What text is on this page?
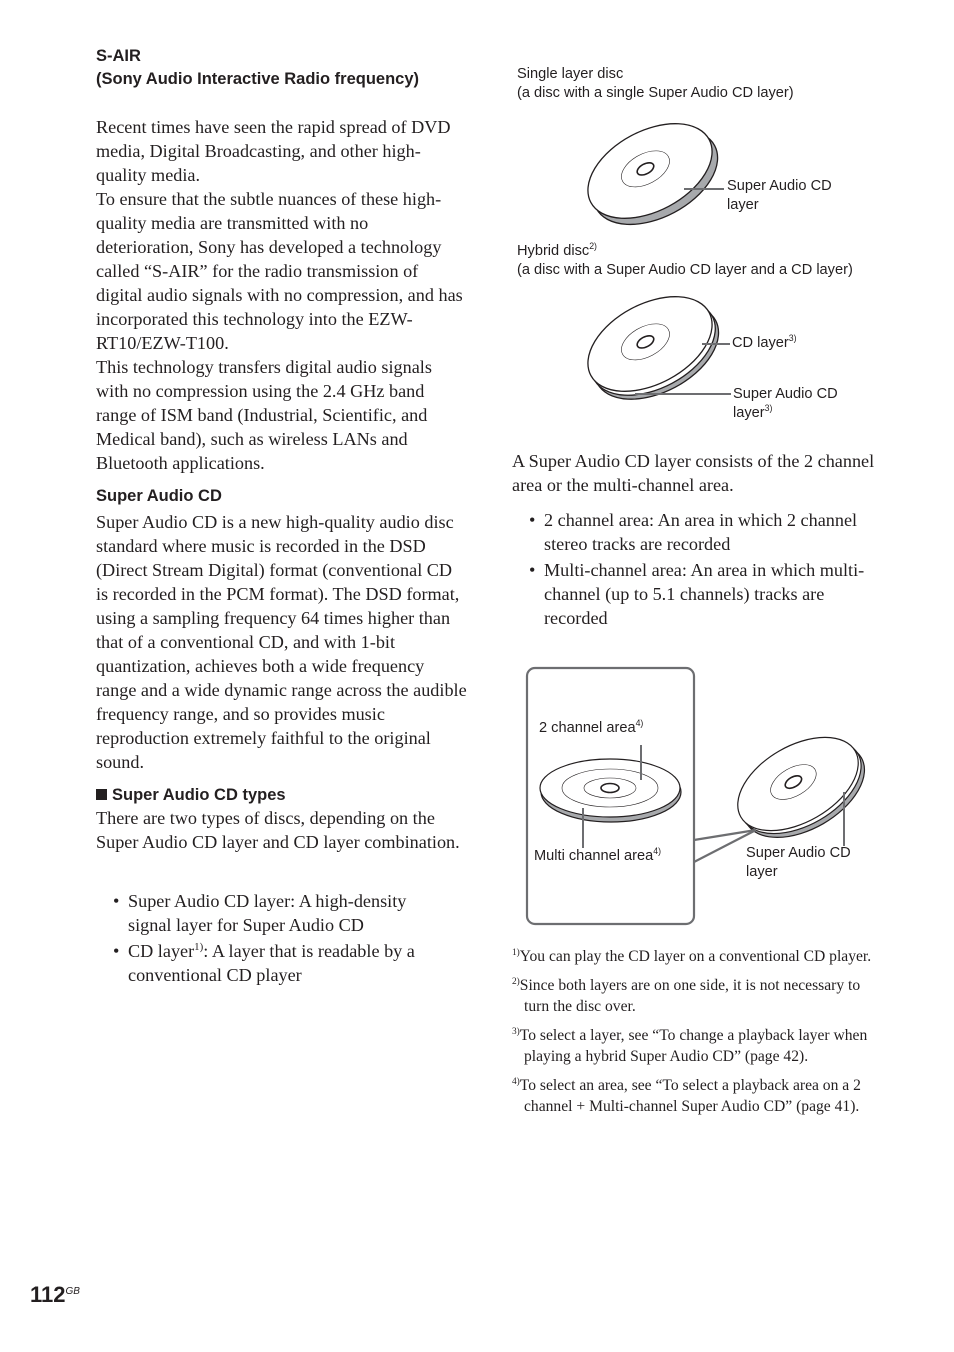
S-AIR
(Sony Audio Interactive Radio frequency)

Recent times have seen the rapid spread of DVD media, Digital Broadcasting, and other high-quality media.

To ensure that the subtle nuances of these high-quality media are transmitted with no deterioration, Sony has developed a technology called “S-AIR” for the radio transmission of digital audio signals with no compression, and has incorporated this technology into the EZW-RT10/EZW-T100.

This technology transfers digital audio signals with no compression using the 2.4 GHz band range of ISM band (Industrial, Scientific, and Medical band), such as wireless LANs and Bluetooth applications.

Super Audio CD

Super Audio CD is a new high-quality audio disc standard where music is recorded in the DSD (Direct Stream Digital) format (conventional CD is recorded in the PCM format). The DSD format, using a sampling frequency 64 times higher than that of a conventional CD, and with 1-bit quantization, achieves both a wide frequency range and a wide dynamic range across the audible frequency range, and so provides music reproduction extremely faithful to the original sound.

Super Audio CD types

There are two types of discs, depending on the Super Audio CD layer and CD layer combination.

• Super Audio CD layer: A high-density signal layer for Super Audio CD
• CD layer$^{1)}$: A layer that is readable by a conventional CD player
Single layer disc
(a disc with a single Super Audio CD layer)
Super Audio CD
layer
Hybrid disc$^{2)}$
(a disc with a Super Audio CD layer and a CD layer)
CD layer$^{3)}$
Super Audio CD
layer$^{3)}$

A Super Audio CD layer consists of the 2 channel area or the multi-channel area.

• 2 channel area: An area in which 2 channel stereo tracks are recorded
• Multi-channel area: An area in which multi-channel (up to 5.1 channels) tracks are recorded
2 channel area$^{4)}$
Multi channel area$^{4)}$	Super Audio CD
layer

$^{1)}$You can play the CD layer on a conventional CD player.

$^{2)}$Since both layers are on one side, it is not necessary to turn the disc over.

$^{3)}$To select a layer, see “To change a playback layer when playing a hybrid Super Audio CD” (page 42).

$^{4)}$To select an area, see “To select a playback area on a 2 channel + Multi-channel Super Audio CD” (page 41).

$112^{GB}$
